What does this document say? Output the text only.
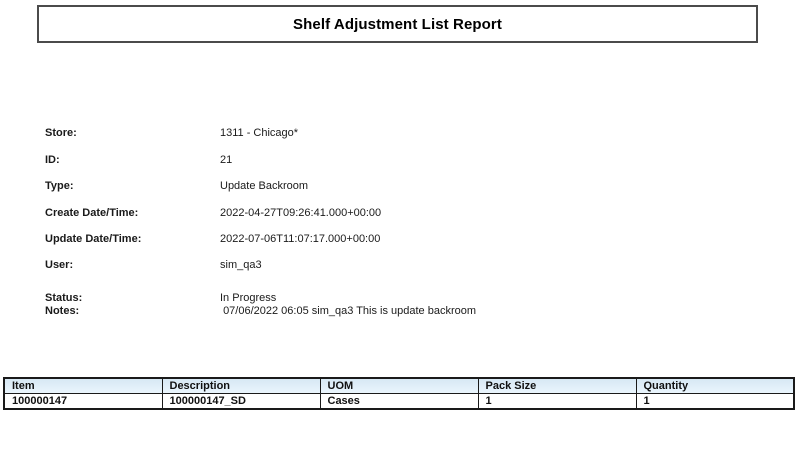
Shelf Adjustment List Report
Store:	1311 - Chicago*
ID:	21
Type:	Update Backroom
Create Date/Time:	2022-04-27T09:26:41.000+00:00
Update Date/Time:	2022-07-06T11:07:17.000+00:00
User:	sim_qa3
Status:	In Progress
Notes:	07/06/2022 06:05 sim_qa3 This is update backroom
Item	Description	UOM	Pack Size	Quantity
100000147	100000147_SD	Cases	1	1
